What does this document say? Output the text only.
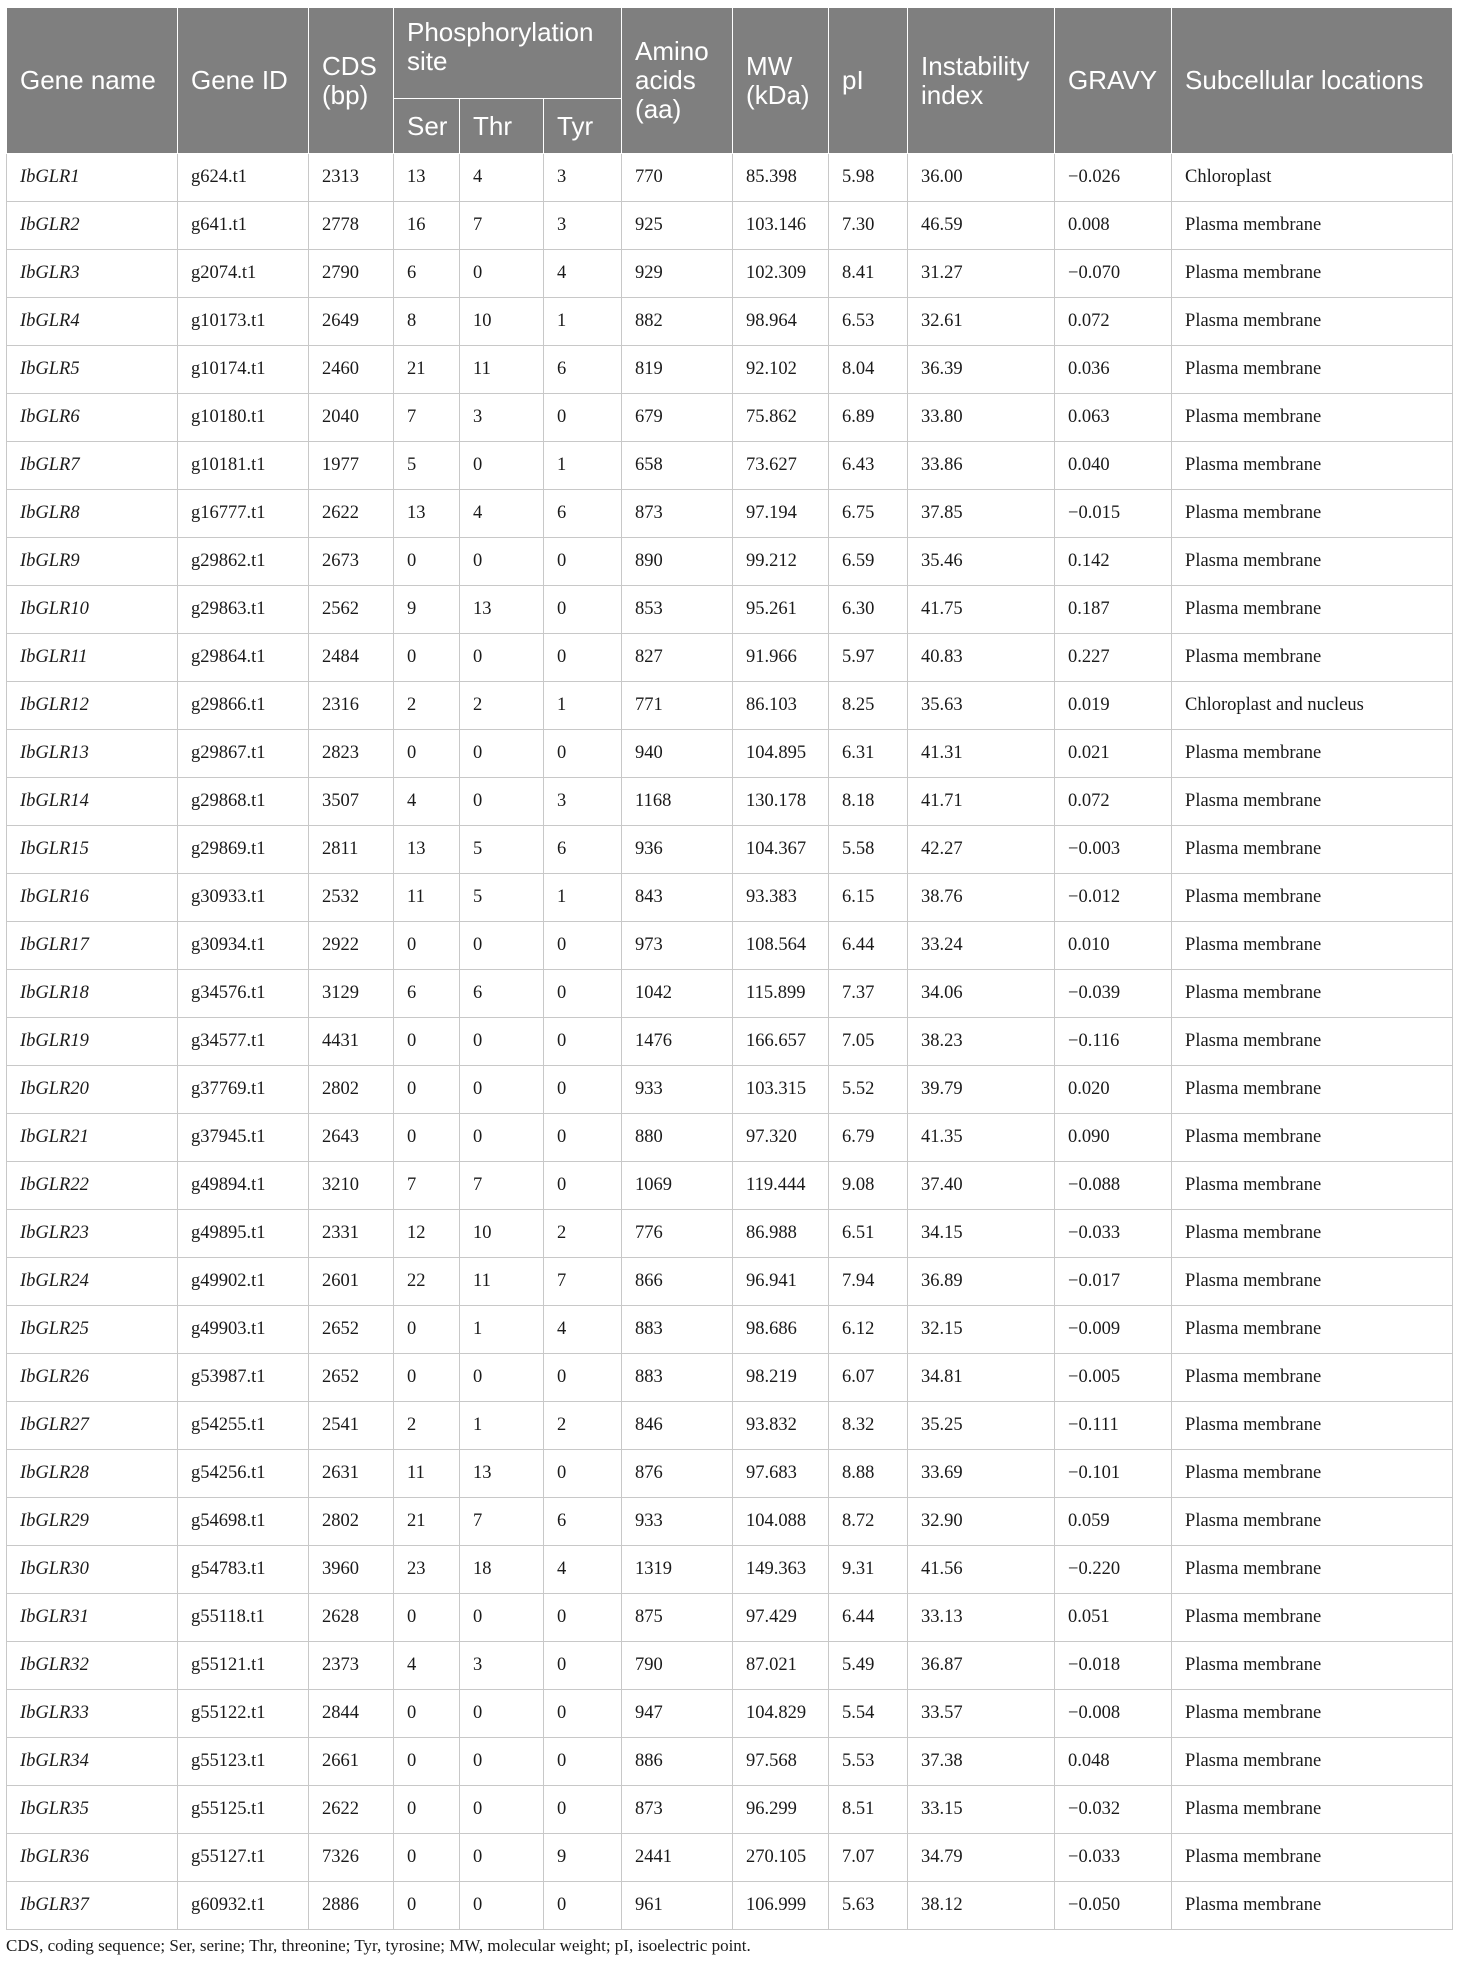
Gene name	Gene ID	CDS (bp)	Phosphorylation site			Amino acids (aa)	MW (kDa)	pI	Instability index	GRAVY	Subcellular locations
			Ser	Thr	Tyr						
IbGLR1	g624.t1	2313	13	4	3	770	85.398	5.98	36.00	−0.026	Chloroplast
IbGLR2	g641.t1	2778	16	7	3	925	103.146	7.30	46.59	0.008	Plasma membrane
IbGLR3	g2074.t1	2790	6	0	4	929	102.309	8.41	31.27	−0.070	Plasma membrane
IbGLR4	g10173.t1	2649	8	10	1	882	98.964	6.53	32.61	0.072	Plasma membrane
IbGLR5	g10174.t1	2460	21	11	6	819	92.102	8.04	36.39	0.036	Plasma membrane
IbGLR6	g10180.t1	2040	7	3	0	679	75.862	6.89	33.80	0.063	Plasma membrane
IbGLR7	g10181.t1	1977	5	0	1	658	73.627	6.43	33.86	0.040	Plasma membrane
IbGLR8	g16777.t1	2622	13	4	6	873	97.194	6.75	37.85	−0.015	Plasma membrane
IbGLR9	g29862.t1	2673	0	0	0	890	99.212	6.59	35.46	0.142	Plasma membrane
IbGLR10	g29863.t1	2562	9	13	0	853	95.261	6.30	41.75	0.187	Plasma membrane
IbGLR11	g29864.t1	2484	0	0	0	827	91.966	5.97	40.83	0.227	Plasma membrane
IbGLR12	g29866.t1	2316	2	2	1	771	86.103	8.25	35.63	0.019	Chloroplast and nucleus
IbGLR13	g29867.t1	2823	0	0	0	940	104.895	6.31	41.31	0.021	Plasma membrane
IbGLR14	g29868.t1	3507	4	0	3	1168	130.178	8.18	41.71	0.072	Plasma membrane
IbGLR15	g29869.t1	2811	13	5	6	936	104.367	5.58	42.27	−0.003	Plasma membrane
IbGLR16	g30933.t1	2532	11	5	1	843	93.383	6.15	38.76	−0.012	Plasma membrane
IbGLR17	g30934.t1	2922	0	0	0	973	108.564	6.44	33.24	0.010	Plasma membrane
IbGLR18	g34576.t1	3129	6	6	0	1042	115.899	7.37	34.06	−0.039	Plasma membrane
IbGLR19	g34577.t1	4431	0	0	0	1476	166.657	7.05	38.23	−0.116	Plasma membrane
IbGLR20	g37769.t1	2802	0	0	0	933	103.315	5.52	39.79	0.020	Plasma membrane
IbGLR21	g37945.t1	2643	0	0	0	880	97.320	6.79	41.35	0.090	Plasma membrane
IbGLR22	g49894.t1	3210	7	7	0	1069	119.444	9.08	37.40	−0.088	Plasma membrane
IbGLR23	g49895.t1	2331	12	10	2	776	86.988	6.51	34.15	−0.033	Plasma membrane
IbGLR24	g49902.t1	2601	22	11	7	866	96.941	7.94	36.89	−0.017	Plasma membrane
IbGLR25	g49903.t1	2652	0	1	4	883	98.686	6.12	32.15	−0.009	Plasma membrane
IbGLR26	g53987.t1	2652	0	0	0	883	98.219	6.07	34.81	−0.005	Plasma membrane
IbGLR27	g54255.t1	2541	2	1	2	846	93.832	8.32	35.25	−0.111	Plasma membrane
IbGLR28	g54256.t1	2631	11	13	0	876	97.683	8.88	33.69	−0.101	Plasma membrane
IbGLR29	g54698.t1	2802	21	7	6	933	104.088	8.72	32.90	0.059	Plasma membrane
IbGLR30	g54783.t1	3960	23	18	4	1319	149.363	9.31	41.56	−0.220	Plasma membrane
IbGLR31	g55118.t1	2628	0	0	0	875	97.429	6.44	33.13	0.051	Plasma membrane
IbGLR32	g55121.t1	2373	4	3	0	790	87.021	5.49	36.87	−0.018	Plasma membrane
IbGLR33	g55122.t1	2844	0	0	0	947	104.829	5.54	33.57	−0.008	Plasma membrane
IbGLR34	g55123.t1	2661	0	0	0	886	97.568	5.53	37.38	0.048	Plasma membrane
IbGLR35	g55125.t1	2622	0	0	0	873	96.299	8.51	33.15	−0.032	Plasma membrane
IbGLR36	g55127.t1	7326	0	0	9	2441	270.105	7.07	34.79	−0.033	Plasma membrane
IbGLR37	g60932.t1	2886	0	0	0	961	106.999	5.63	38.12	−0.050	Plasma membrane
CDS, coding sequence; Ser, serine; Thr, threonine; Tyr, tyrosine; MW, molecular weight; pI, isoelectric point.
